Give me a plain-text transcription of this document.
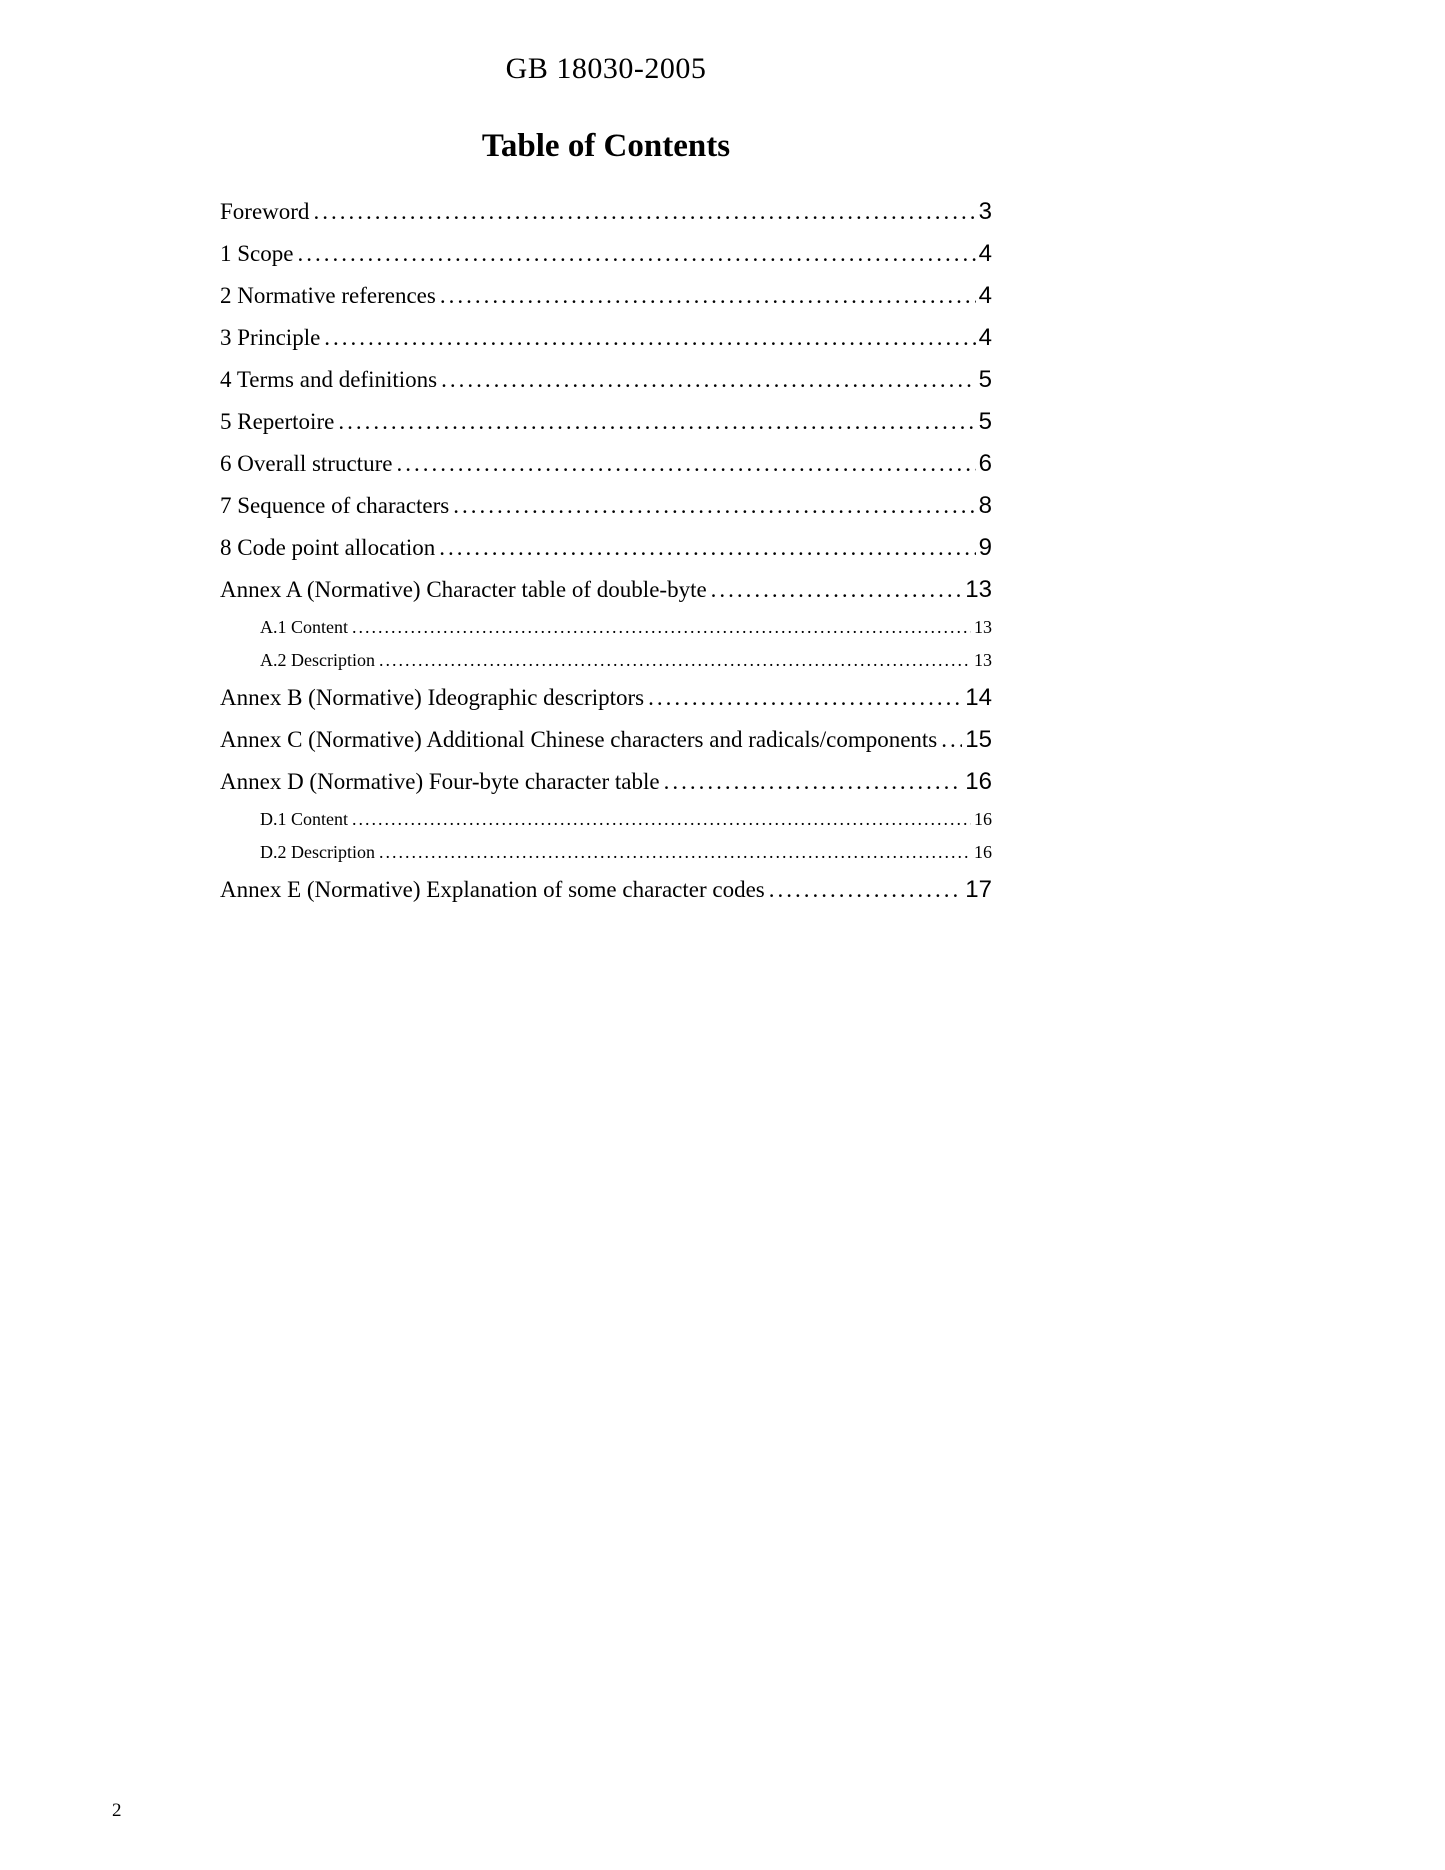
GB 18030-2005
Table of Contents
Foreword .....	3
1 Scope .....	4
2 Normative references .....	4
3 Principle .....	4
4 Terms and definitions .....	5
5 Repertoire .....	5
6 Overall structure .....	6
7 Sequence of characters .....	8
8 Code point allocation .....	9
Annex A (Normative) Character table of double-byte .....	13
A.1 Content .....	13
A.2 Description .....	13
Annex B (Normative) Ideographic descriptors .....	14
Annex C (Normative) Additional Chinese characters and radicals/components ..... 15
Annex D (Normative) Four-byte character table .....	16
D.1 Content .....	16
D.2 Description .....	16
Annex E (Normative) Explanation of some character codes .....	17
2
